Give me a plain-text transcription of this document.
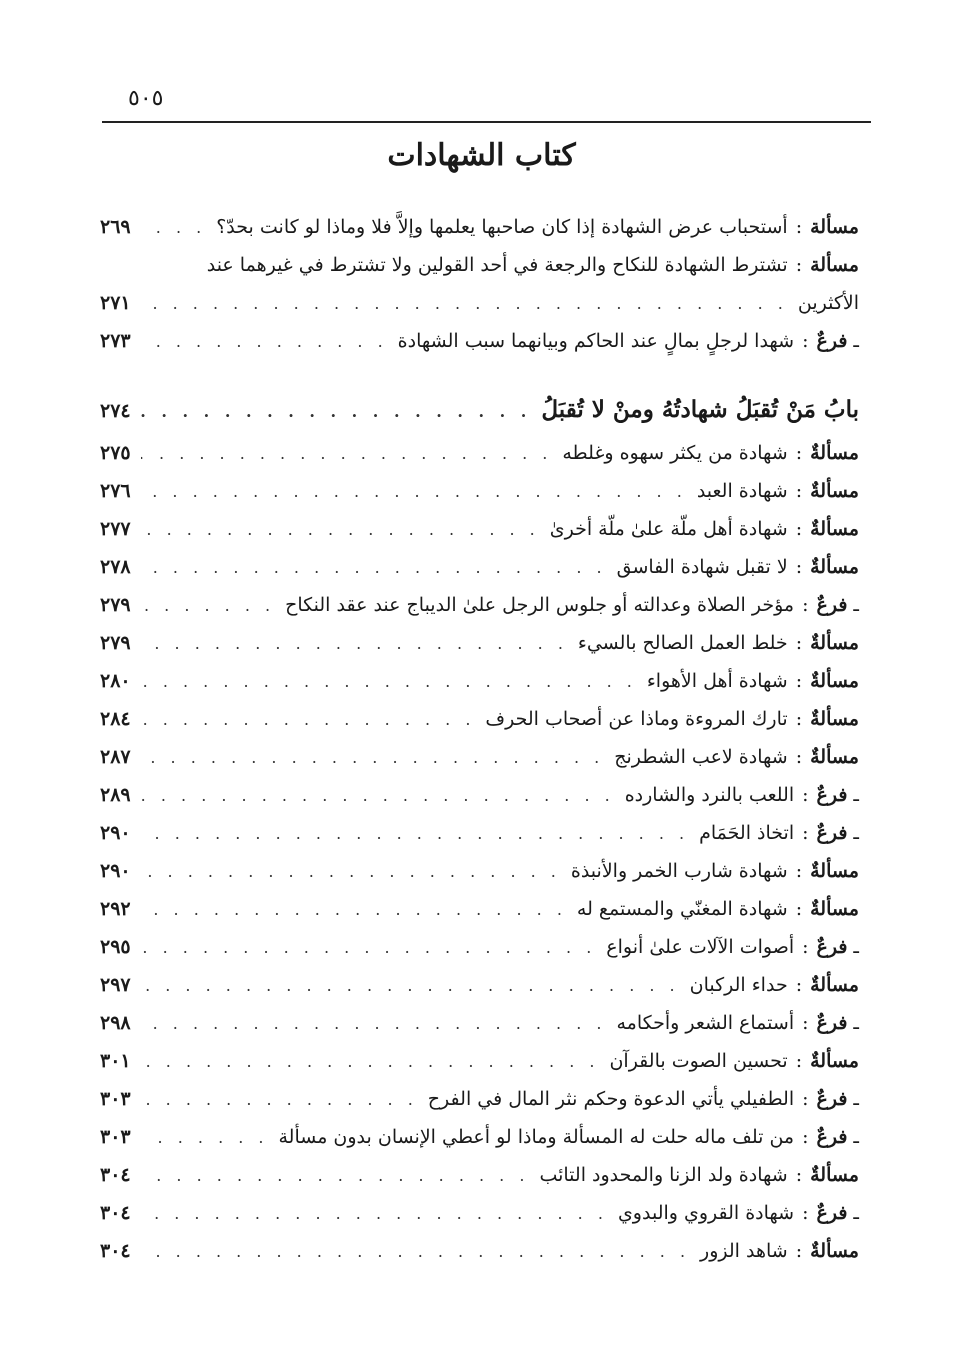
٥٠٥
كتاب الشهادات
مسألة
:
أستحباب عرض الشهادة إذا كان صاحبها يعلمها وإلاَّ فلا وماذا لو كانت بحدّ؟
. . .
٢٦٩
مسألة
:
تشترط الشهادة للنكاح والرجعة في أحد القولين ولا تشترط في غيرهما عند
الأكثرين
. . .
٢٧١
ـ
فرعٌ
:
شهدا لرجلٍ بمالٍ عند الحاكم وبيانهما سبب الشهادة
. . .
٢٧٣
بابُ مَنْ تُقبَلُ شهادتُهُ ومنْ لا تُقبَلُ
. . .
٢٧٤
مسألةٌ
:
شهادة من يكثر سهوه وغلطه
. . .
٢٧٥
مسألةٌ
:
شهادة العبد
. . .
٢٧٦
مسألةٌ
:
شهادة أهل ملّة علىٰ ملّة أخرىٰ
. . .
٢٧٧
مسألةٌ
:
لا تقبل شهادة الفاسق
. . .
٢٧٨
ـ
فرعٌ
:
مؤخر الصلاة وعدالته أو جلوس الرجل علىٰ الديباج عند عقد النكاح
. . .
٢٧٩
مسألةٌ
:
خلط العمل الصالح بالسيء
. . .
٢٧٩
مسألةٌ
:
شهادة أهل الأهواء
. . .
٢٨٠
مسألةٌ
:
تارك المروءة وماذا عن أصحاب الحرف
. . .
٢٨٤
مسألةٌ
:
شهادة لاعب الشطرنج
. . .
٢٨٧
ـ
فرعٌ
:
اللعب بالنرد والشارده
. . .
٢٨٩
ـ
فرعٌ
:
اتخاذ الحَمَام
. . .
٢٩٠
مسألةٌ
:
شهادة شارب الخمر والأنبذة
. . .
٢٩٠
مسألةٌ
:
شهادة المغنّي والمستمع له
. . .
٢٩٢
ـ
فرعٌ
:
أصوات الآلات علىٰ أنواع
. . .
٢٩٥
مسألةٌ
:
حداء الركبان
. . .
٢٩٧
ـ
فرعٌ
:
أستماع الشعر وأحكامه
. . .
٢٩٨
مسألةٌ
:
تحسين الصوت بالقرآن
. . .
٣٠١
ـ
فرعٌ
:
الطفيلي يأتي الدعوة وحكم نثر المال في الفرح
. . .
٣٠٣
ـ
فرعٌ
:
من تلف ماله حلت له المسألة وماذا لو أعطي الإنسان بدون مسألة
. . .
٣٠٣
مسألةٌ
:
شهادة ولد الزنا والمحدود التائب
. . .
٣٠٤
ـ
فرعٌ
:
شهادة القروي والبدوي
. . .
٣٠٤
مسألةٌ
:
شاهد الزور
. . .
٣٠٤
